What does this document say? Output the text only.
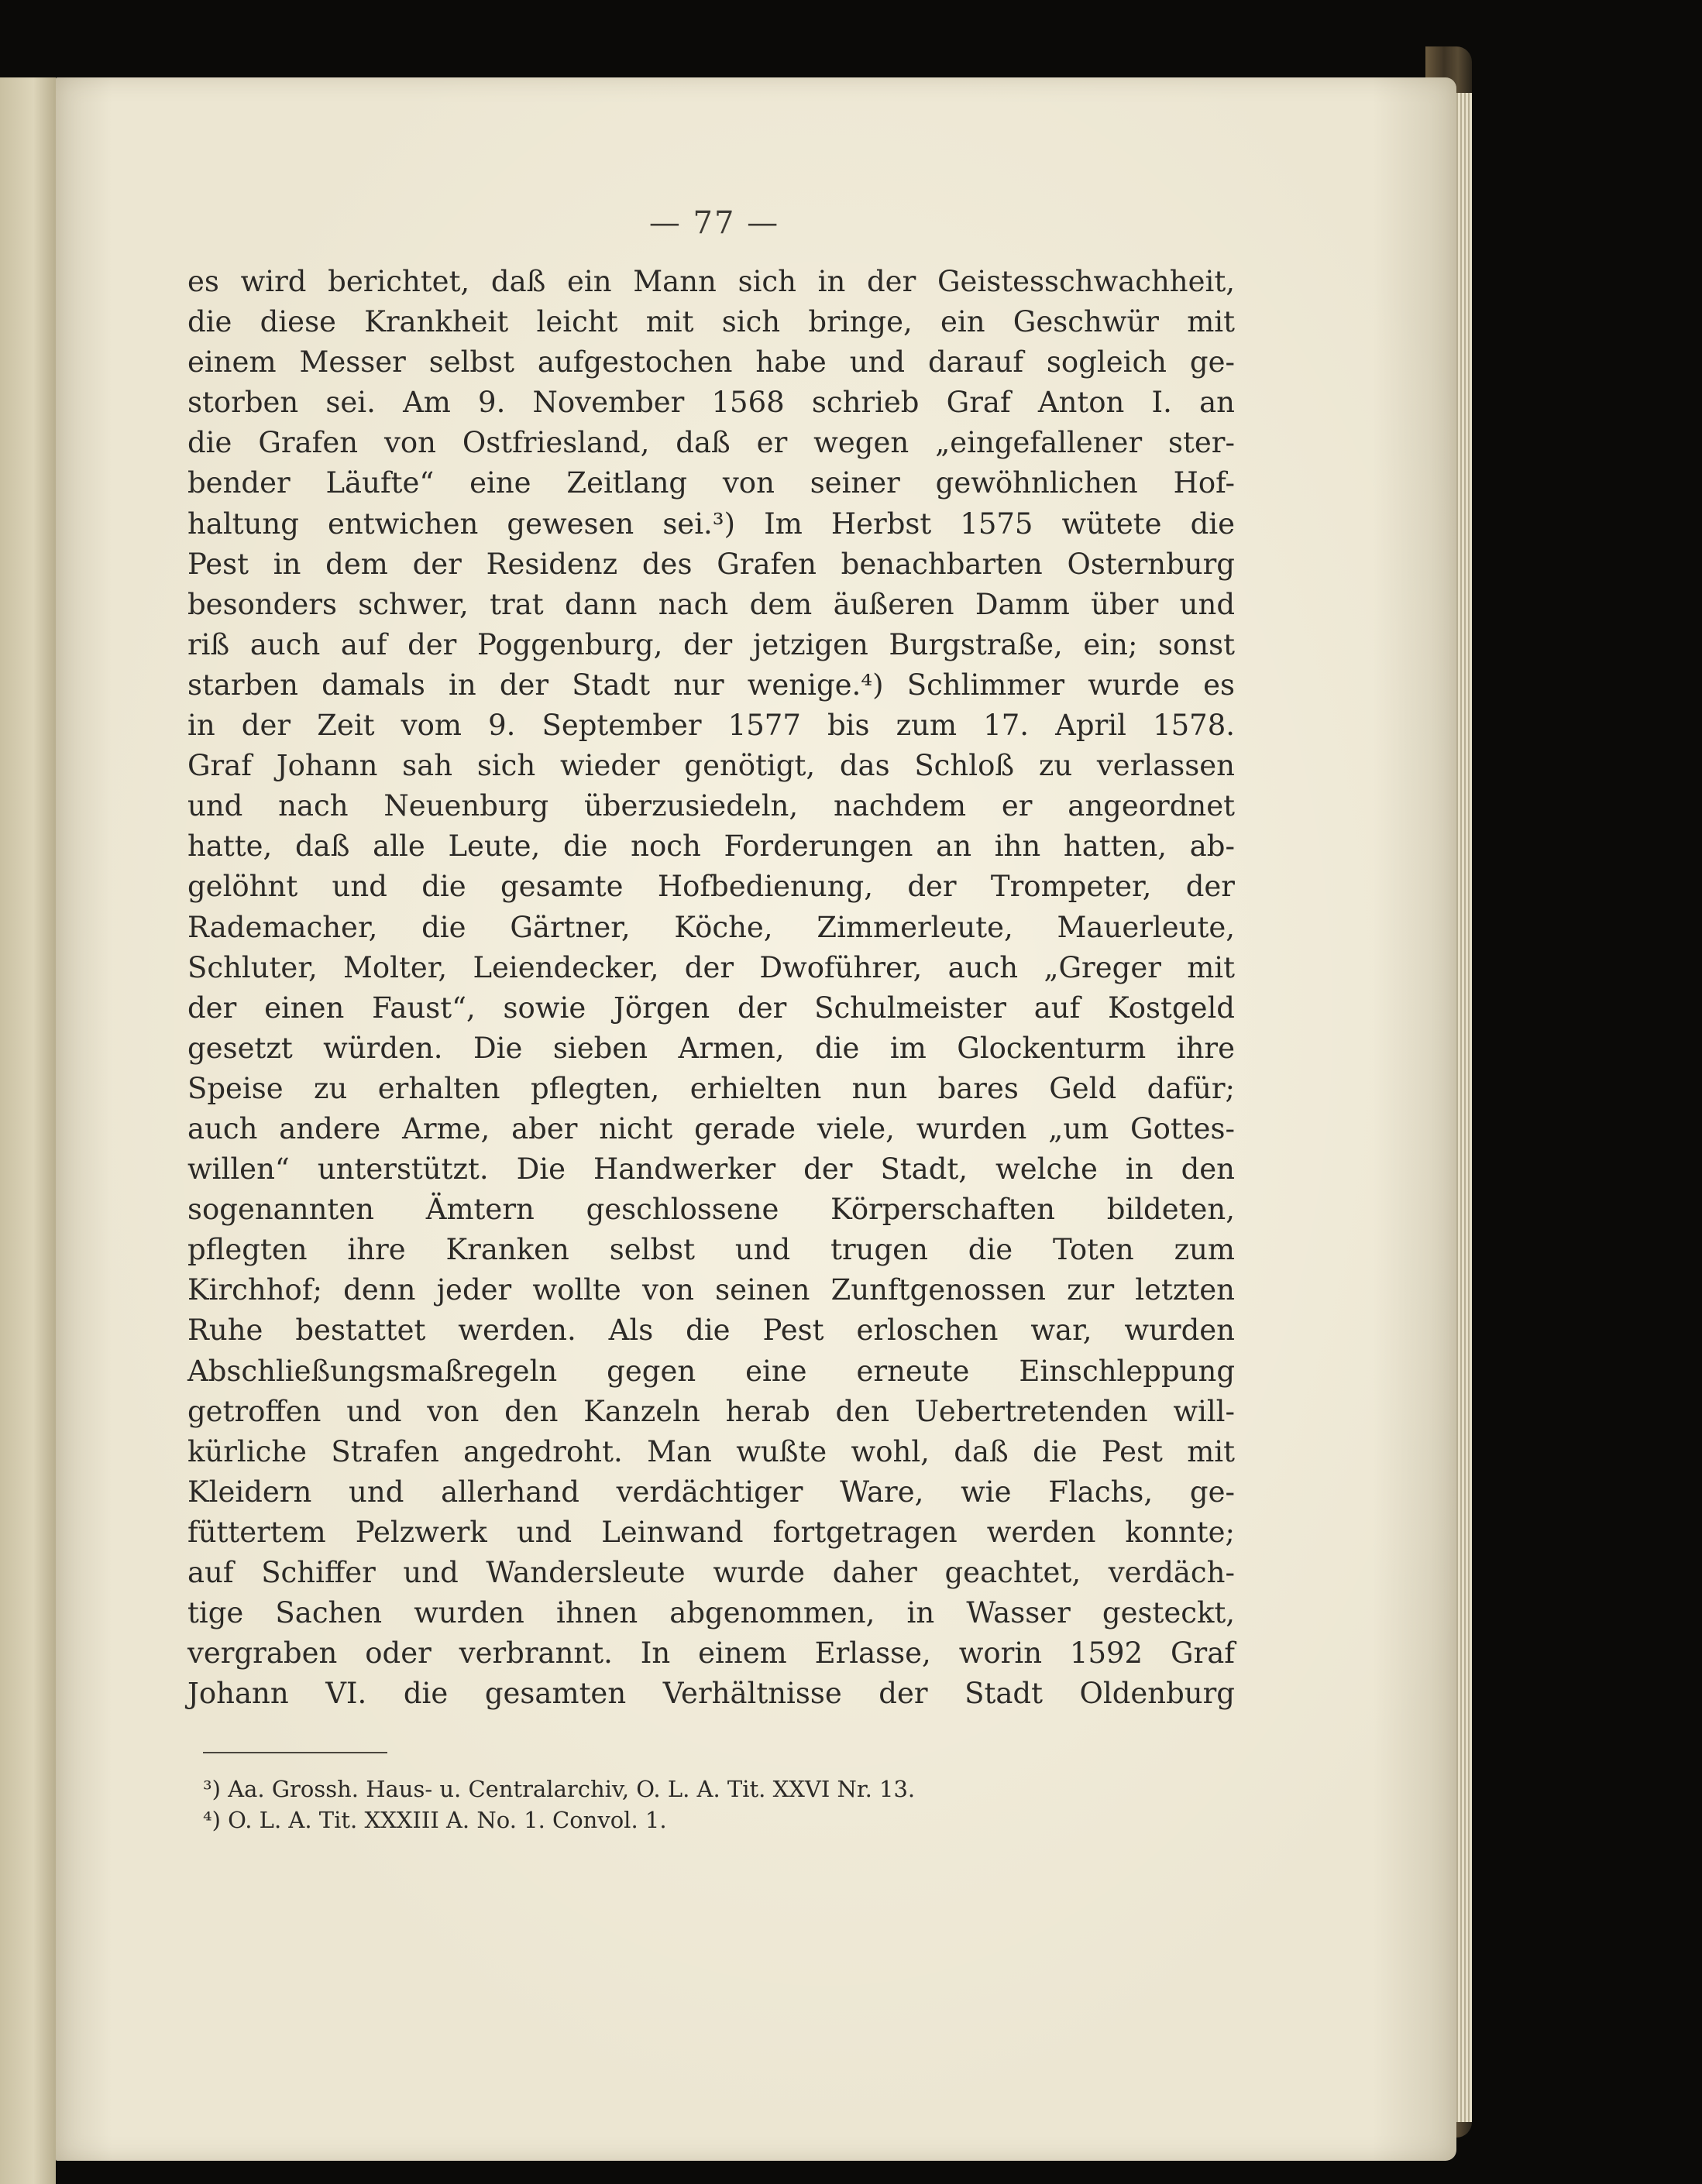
— 77 —
es wird berichtet, daß ein Mann sich in der Geistesschwachheit,
die diese Krankheit leicht mit sich bringe, ein Geschwür mit
einem Messer selbst aufgestochen habe und darauf sogleich ge-
storben sei. Am 9. November 1568 schrieb Graf Anton I. an
die Grafen von Ostfriesland, daß er wegen „eingefallener ster-
bender Läufte“ eine Zeitlang von seiner gewöhnlichen Hof-
haltung entwichen gewesen sei.³) Im Herbst 1575 wütete die
Pest in dem der Residenz des Grafen benachbarten Osternburg
besonders schwer, trat dann nach dem äußeren Damm über und
riß auch auf der Poggenburg, der jetzigen Burgstraße, ein; sonst
starben damals in der Stadt nur wenige.⁴) Schlimmer wurde es
in der Zeit vom 9. September 1577 bis zum 17. April 1578.
Graf Johann sah sich wieder genötigt, das Schloß zu verlassen
und nach Neuenburg überzusiedeln, nachdem er angeordnet
hatte, daß alle Leute, die noch Forderungen an ihn hatten, ab-
gelöhnt und die gesamte Hofbedienung, der Trompeter, der
Rademacher, die Gärtner, Köche, Zimmerleute, Mauerleute,
Schluter, Molter, Leiendecker, der Dwoführer, auch „Greger mit
der einen Faust“, sowie Jörgen der Schulmeister auf Kostgeld
gesetzt würden. Die sieben Armen, die im Glockenturm ihre
Speise zu erhalten pflegten, erhielten nun bares Geld dafür;
auch andere Arme, aber nicht gerade viele, wurden „um Gottes-
willen“ unterstützt. Die Handwerker der Stadt, welche in den
sogenannten Ämtern geschlossene Körperschaften bildeten,
pflegten ihre Kranken selbst und trugen die Toten zum
Kirchhof; denn jeder wollte von seinen Zunftgenossen zur letzten
Ruhe bestattet werden. Als die Pest erloschen war, wurden
Abschließungsmaßregeln gegen eine erneute Einschleppung
getroffen und von den Kanzeln herab den Uebertretenden will-
kürliche Strafen angedroht. Man wußte wohl, daß die Pest mit
Kleidern und allerhand verdächtiger Ware, wie Flachs, ge-
füttertem Pelzwerk und Leinwand fortgetragen werden konnte;
auf Schiffer und Wandersleute wurde daher geachtet, verdäch-
tige Sachen wurden ihnen abgenommen, in Wasser gesteckt,
vergraben oder verbrannt. In einem Erlasse, worin 1592 Graf
Johann VI. die gesamten Verhältnisse der Stadt Oldenburg
³) Aa. Grossh. Haus- u. Centralarchiv, O. L. A. Tit. XXVI Nr. 13.
⁴) O. L. A. Tit. XXXIII A. No. 1. Convol. 1.
